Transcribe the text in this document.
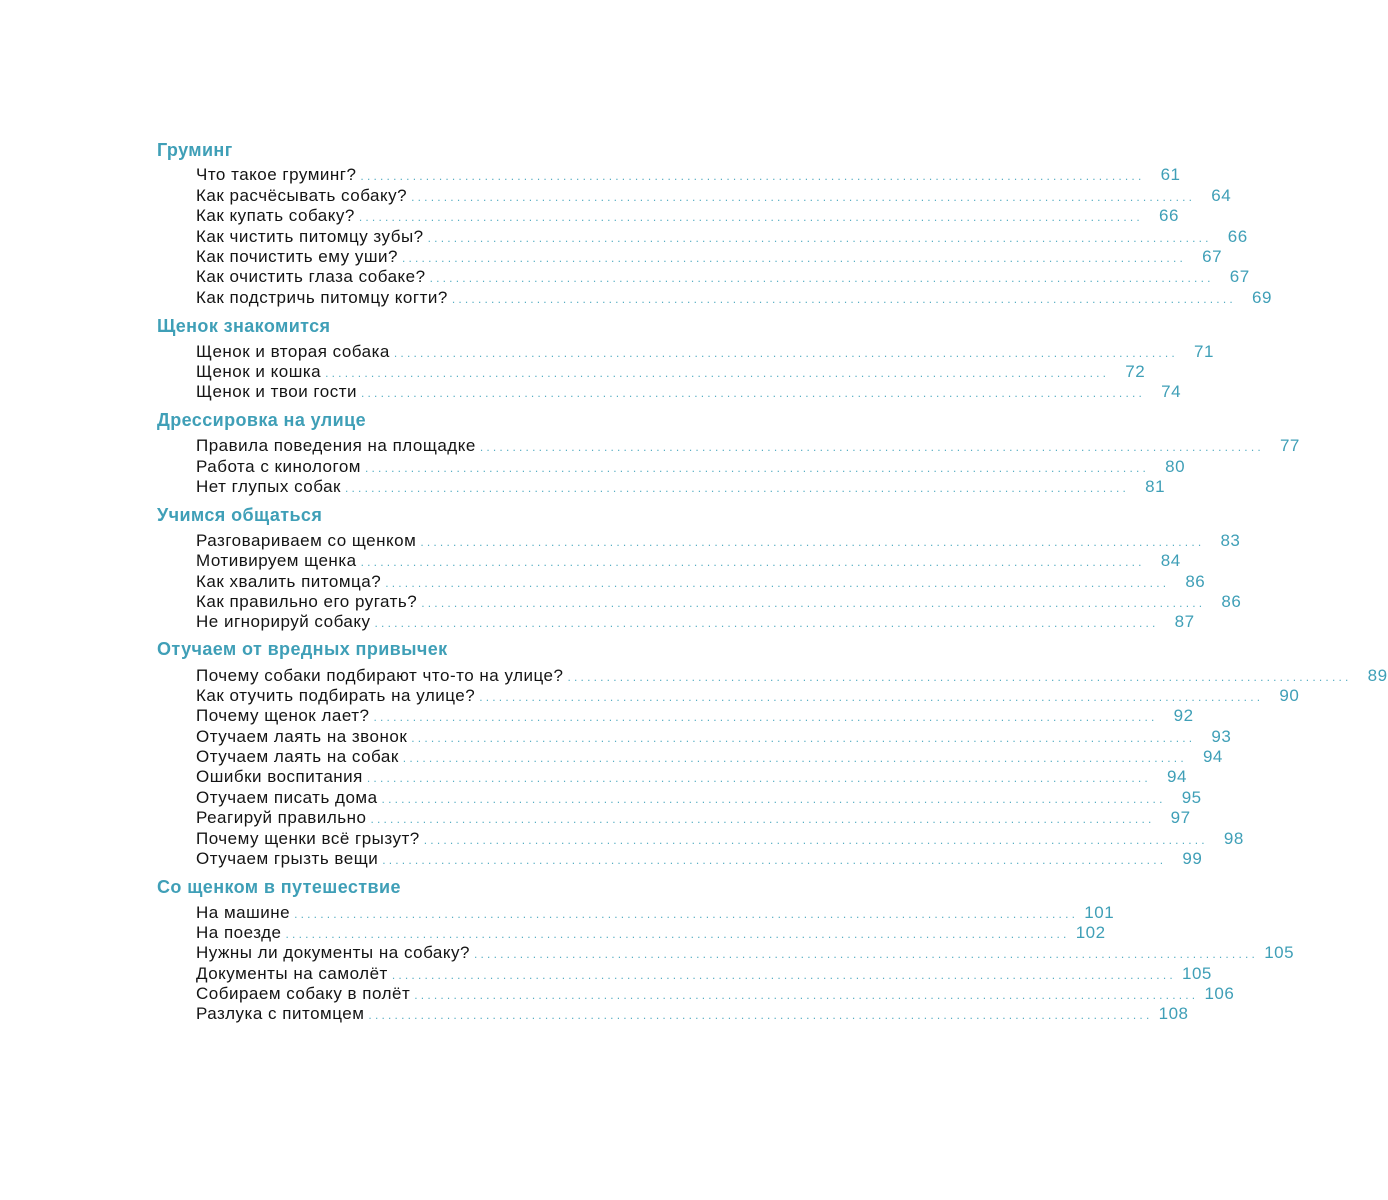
Груминг
Что такое груминг? ........................................................................................................................ 61
Как расчёсывать собаку? ........................................................................................................................ 64
Как купать собаку? ........................................................................................................................ 66
Как чистить питомцу зубы? ........................................................................................................................ 66
Как почистить ему уши? ........................................................................................................................ 67
Как очистить глаза собаке? ........................................................................................................................ 67
Как подстричь питомцу когти? ........................................................................................................................ 69
Щенок знакомится
Щенок и вторая собака ........................................................................................................................ 71
Щенок и кошка ........................................................................................................................ 72
Щенок и твои гости ........................................................................................................................ 74
Дрессировка на улице
Правила поведения на площадке ........................................................................................................................ 77
Работа с кинологом ........................................................................................................................ 80
Нет глупых собак ........................................................................................................................ 81
Учимся общаться
Разговариваем со щенком ........................................................................................................................ 83
Мотивируем щенка ........................................................................................................................ 84
Как хвалить питомца? ........................................................................................................................ 86
Как правильно его ругать? ........................................................................................................................ 86
Не игнорируй собаку ........................................................................................................................ 87
Отучаем от вредных привычек
Почему собаки подбирают что-то на улице? ........................................................................................................................ 89
Как отучить подбирать на улице? ........................................................................................................................ 90
Почему щенок лает? ........................................................................................................................ 92
Отучаем лаять на звонок ........................................................................................................................ 93
Отучаем лаять на собак ........................................................................................................................ 94
Ошибки воспитания ........................................................................................................................ 94
Отучаем писать дома ........................................................................................................................ 95
Реагируй правильно ........................................................................................................................ 97
Почему щенки всё грызут? ........................................................................................................................ 98
Отучаем грызть вещи ........................................................................................................................ 99
Со щенком в путешествие
На машине ........................................................................................................................ 101
На поезде ........................................................................................................................ 102
Нужны ли документы на собаку? ........................................................................................................................ 105
Документы на самолёт ........................................................................................................................ 105
Собираем собаку в полёт ........................................................................................................................ 106
Разлука с питомцем ........................................................................................................................ 108
